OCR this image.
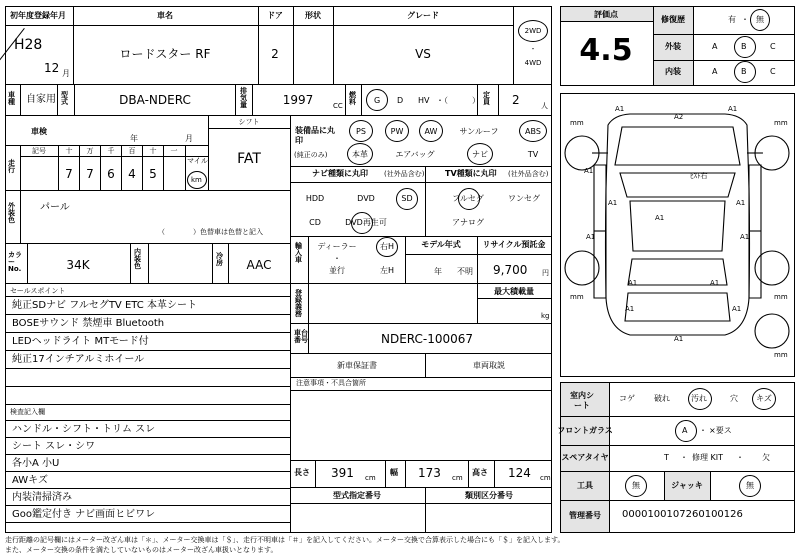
初年度登録年月
H28
12 月
車名
ロードスター RF
ドア
2
形状	グレード
VS
2WD
・
4WD
車種 自家用 型式	DBA-NDERC
排気量	1997	CC
燃料 G D HV ・（　　　）
定員 2	人
車検
年	月
シフト
FAT
走行
記号	十 万 千 百 十 一
7 7 6 4 5
マイル
km
装備品に丸印
(純正のみ)
PS	PW	AW	サンルーフ	ABS
本革	エアバッグ	ナビ	TV
ナビ種類に丸印 (社外品含む)
HDD	DVD	SD
CD	DVD再生可
TV種類に丸印 (社外品含む)
フルセグ	ワンセグ
アナログ
外装色
パール
（　　　　）色替車は色替と記入
カラーNo.	34K
内装色
冷房 AAC
輸入車
ディーラー
・
並行
右H
左H
モデル年式
年 不明
リサイクル預託金
9,700 円
セールスポイント
純正SDナビ フルセグTV ETC 本革シート
BOSEサウンド 禁煙車 Bluetooth
LEDヘッドライト MTモード付
純正17インチアルミホイール
検査記入欄
ハンドル・シフト・トリム スレ
シート スレ・シワ
各小A 小U
AWキズ
内装清掃済み
Goo鑑定付き ナビ画面ヒビワレ
登録義務
最大積載量
kg
車台番号	NDERC-100067
新車保証書	車両取説
注意事項・不具合箇所
長さ 391 cm
幅 173 cm
高さ 124 cm
型式指定番号	類別区分番号
評価点
4.5
修復歴	有 ・ 無
外装	A	B	C
内装	A	B	C
A2
A1	A1
A1
A1	A1
A1
A1	A1
A1	A1
A1
A1	A1
ﾋｽﾄ右
mm	mm
mm	mm
mm
室内シート
コゲ 破れ	汚れ	穴 キズ
フロントガラス	A ・ ×要ス
スペアタイヤ	T ・ 修理 KIT ・ 欠
工具	無	ジャッキ	無
管理番号 0000100107260100126
走行距離の記号欄にはメーター改ざん車は「＊」、メーター交換車は「＄」、走行不明車は「＃」を記入してください。メーター交換で合算表示した場合にも「＄」を記入します。
また、メーター交換の条件を満たしていないものはメーター改ざん車扱いとなります。
